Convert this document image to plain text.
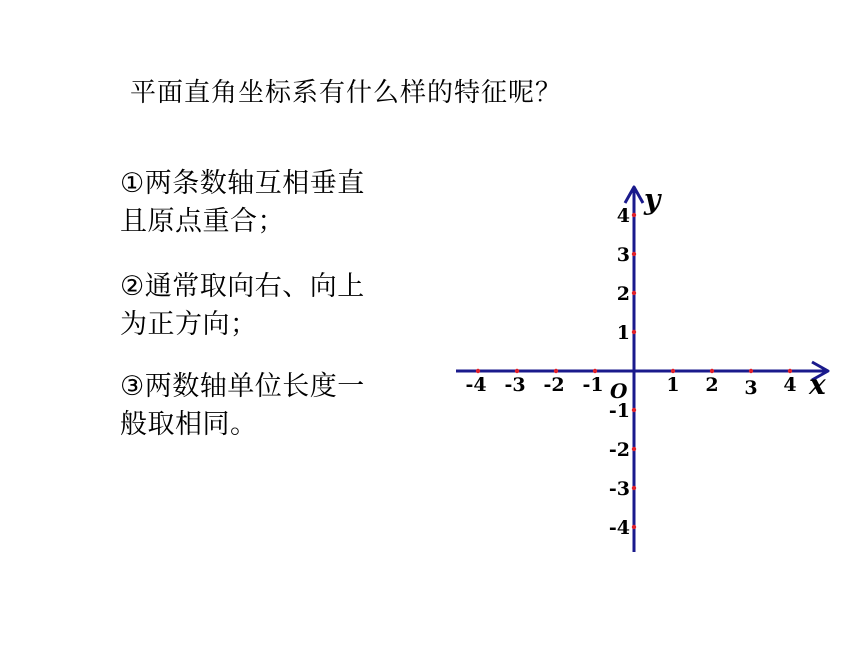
平面直角坐标系有什么样的特征呢？
①两条数轴互相垂直
且原点重合；
②通常取向右、向上
为正方向；
③两数轴单位长度一
般取相同。
-4 -3 -2 -1	1 2 3 4
4
3
2
1
-1
-2
-3
-4
x
y
O
